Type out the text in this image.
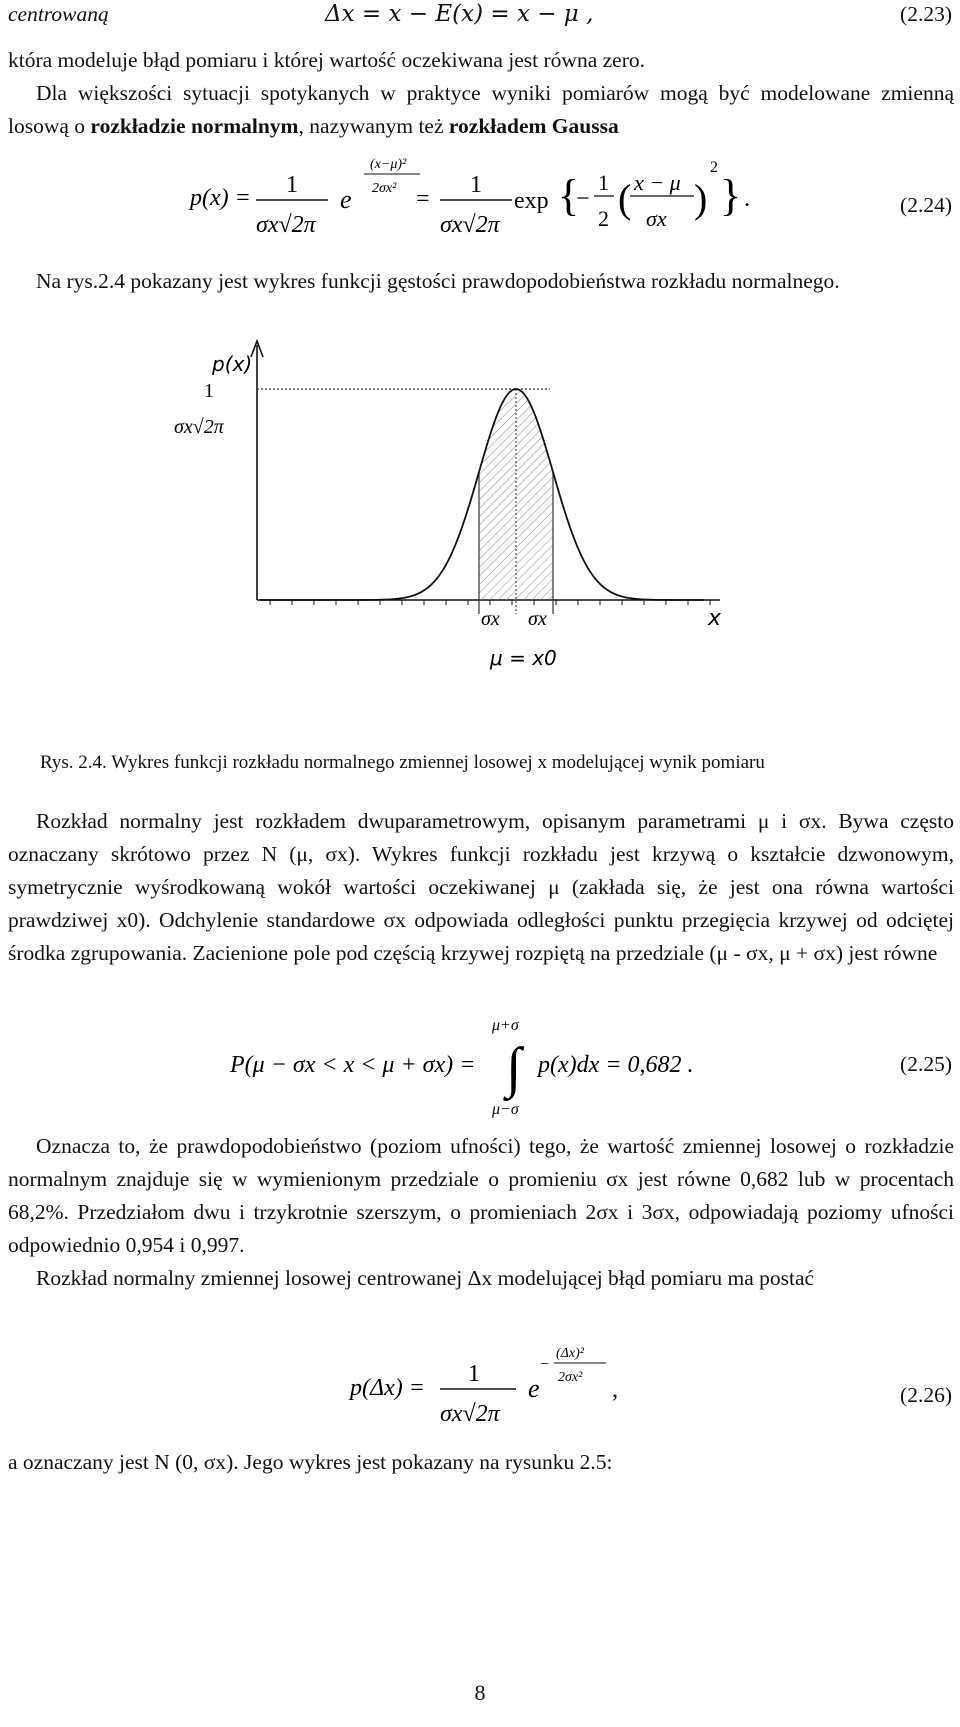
centrowaną	Δx = x − E(x) = x − μ ,	(2.23)
która modeluje błąd pomiaru i której wartość oczekiwana jest równa zero.
Dla większości sytuacji spotykanych w praktyce wyniki pomiarów mogą być modelowane zmienną losową o rozkładzie normalnym, nazywanym też rozkładem Gaussa
p(x) = 1
σx√2π
e
(x−μ)²
2σx² =
1
σx√2π
exp {
−
1
2 ( x − μ
σx )
2
} .	(2.24)
Na rys.2.4 pokazany jest wykres funkcji gęstości prawdopodobieństwa rozkładu normalnego.
p(x)
1
σx√2π
σx σx	x
μ = x0
Rys. 2.4. Wykres funkcji rozkładu normalnego zmiennej losowej x modelującej wynik pomiaru
Rozkład normalny jest rozkładem dwuparametrowym, opisanym parametrami μ i σx. Bywa często oznaczany skrótowo przez N (μ, σx). Wykres funkcji rozkładu jest krzywą o kształcie dzwonowym, symetrycznie wyśrodkowaną wokół wartości oczekiwanej μ (zakłada się, że jest ona równa wartości prawdziwej x0). Odchylenie standardowe σx odpowiada odległości punktu przegięcia krzywej od odciętej środka zgrupowania. Zacienione pole pod częścią krzywej rozpiętą na przedziale (μ - σx, μ + σx) jest równe
P(μ − σx < x < μ + σx) =
μ+σ
∫
μ−σ
p(x)dx = 0,682 .	(2.25)
Oznacza to, że prawdopodobieństwo (poziom ufności) tego, że wartość zmiennej losowej o rozkładzie normalnym znajduje się w wymienionym przedziale o promieniu σx jest równe 0,682 lub w procentach 68,2%. Przedziałom dwu i trzykrotnie szerszym, o promieniach 2σx i 3σx, odpowiadają poziomy ufności odpowiednio 0,954 i 0,997.
Rozkład normalny zmiennej losowej centrowanej Δx modelującej błąd pomiaru ma postać
p(Δx) =
1
σx√2π
e
−
(Δx)²
2σx² ,	(2.26)
a oznaczany jest N (0, σx). Jego wykres jest pokazany na rysunku 2.5:
8
